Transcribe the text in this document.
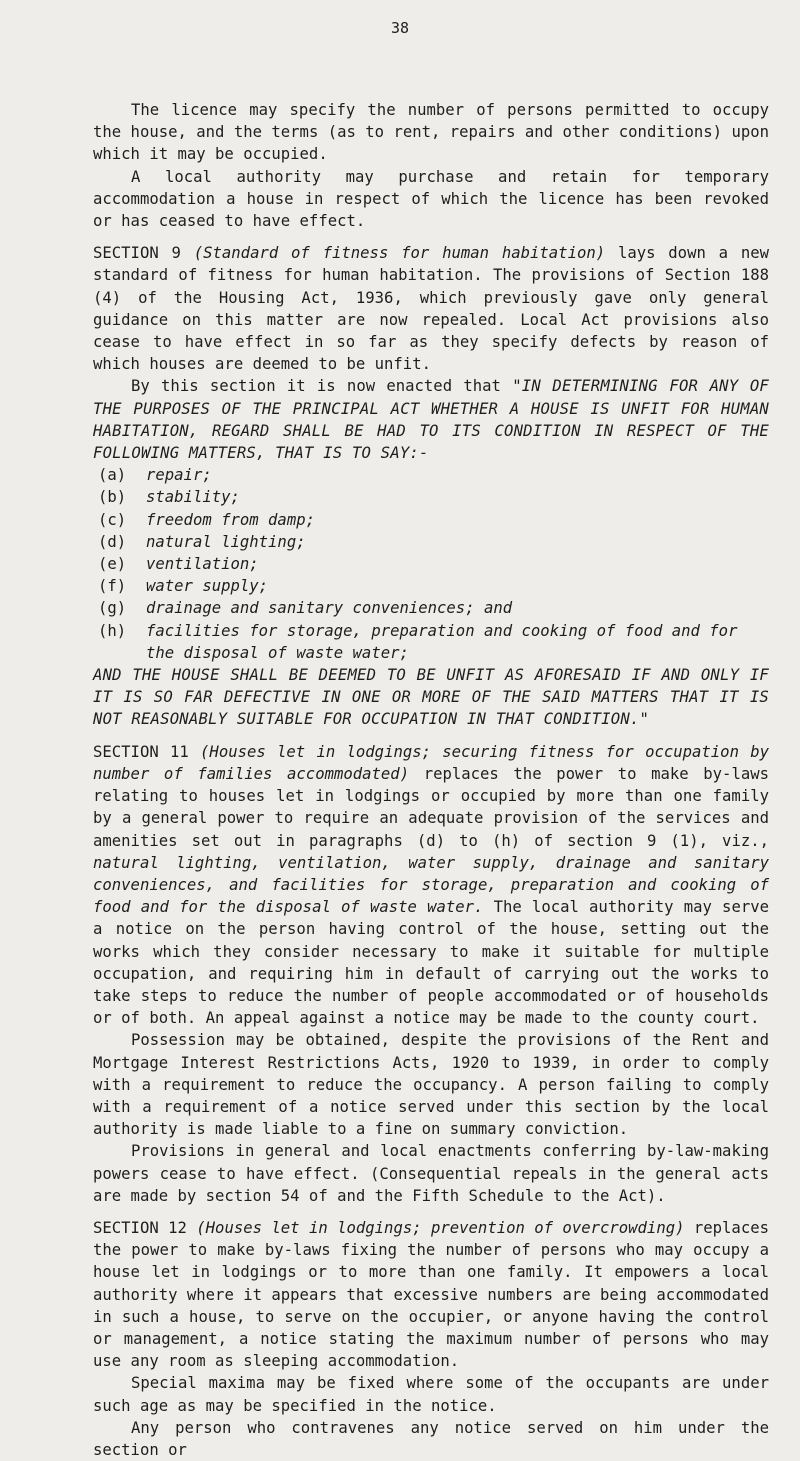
38

The licence may specify the number of persons permitted to occupy the house, and the terms (as to rent, repairs and other conditions) upon which it may be occupied.

A local authority may purchase and retain for temporary accommodation a house in respect of which the licence has been revoked or has ceased to have effect.

SECTION 9 (Standard of fitness for human habitation) lays down a new standard of fitness for human habitation. The provisions of Section 188 (4) of the Housing Act, 1936, which previously gave only general guidance on this matter are now repealed. Local Act provisions also cease to have effect in so far as they specify defects by reason of which houses are deemed to be unfit.

By this section it is now enacted that "IN DETERMINING FOR ANY OF THE PURPOSES OF THE PRINCIPAL ACT WHETHER A HOUSE IS UNFIT FOR HUMAN HABITATION, REGARD SHALL BE HAD TO ITS CONDITION IN RESPECT OF THE FOLLOWING MATTERS, THAT IS TO SAY:-

(a)	repair;
(b)	stability;
(c)	freedom from damp;
(d)	natural lighting;
(e)	ventilation;
(f)	water supply;
(g)	drainage and sanitary conveniences; and
(h)	facilities for storage, preparation and cooking of food and for the disposal of waste water;

AND THE HOUSE SHALL BE DEEMED TO BE UNFIT AS AFORESAID IF AND ONLY IF IT IS SO FAR DEFECTIVE IN ONE OR MORE OF THE SAID MATTERS THAT IT IS NOT REASONABLY SUITABLE FOR OCCUPATION IN THAT CONDITION."

SECTION 11 (Houses let in lodgings; securing fitness for occupation by number of families accommodated) replaces the power to make by-laws relating to houses let in lodgings or occupied by more than one family by a general power to require an adequate provision of the services and amenities set out in paragraphs (d) to (h) of section 9 (1), viz., natural lighting, ventilation, water supply, drainage and sanitary conveniences, and facilities for storage, preparation and cooking of food and for the disposal of waste water. The local authority may serve a notice on the person having control of the house, setting out the works which they consider necessary to make it suitable for multiple occupation, and requiring him in default of carrying out the works to take steps to reduce the number of people accommodated or of households or of both. An appeal against a notice may be made to the county court.

Possession may be obtained, despite the provisions of the Rent and Mortgage Interest Restrictions Acts, 1920 to 1939, in order to comply with a requirement to reduce the occupancy. A person failing to comply with a requirement of a notice served under this section by the local authority is made liable to a fine on summary conviction.

Provisions in general and local enactments conferring by-law-making powers cease to have effect. (Consequential repeals in the general acts are made by section 54 of and the Fifth Schedule to the Act).

SECTION 12 (Houses let in lodgings; prevention of overcrowding) replaces the power to make by-laws fixing the number of persons who may occupy a house let in lodgings or to more than one family. It empowers a local authority where it appears that excessive numbers are being accommodated in such a house, to serve on the occupier, or anyone having the control or management, a notice stating the maximum number of persons who may use any room as sleeping accommodation.

Special maxima may be fixed where some of the occupants are under such age as may be specified in the notice.

Any person who contravenes any notice served on him under the section or
